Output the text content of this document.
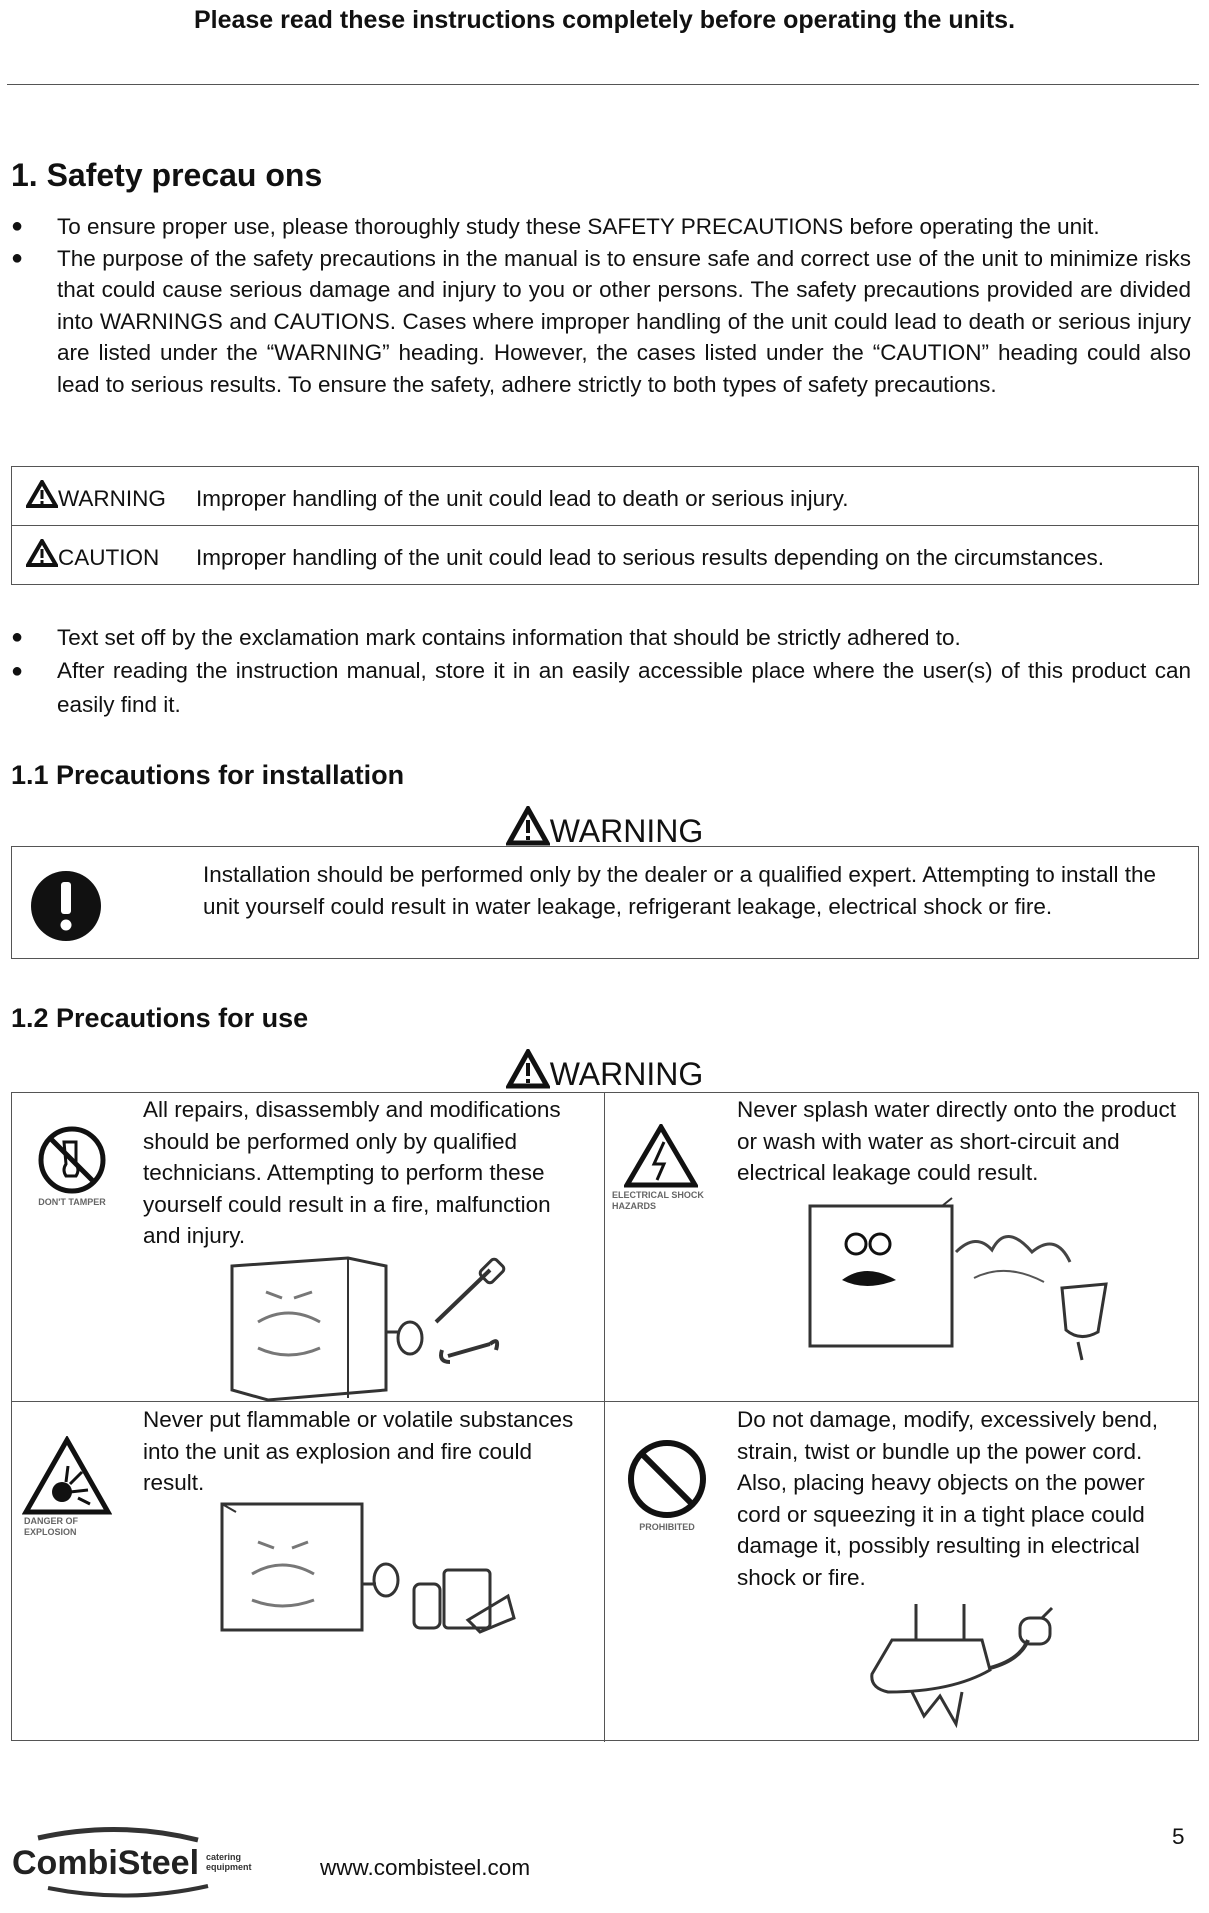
Please read these instructions completely before operating the units.
1. Safety precau ons
● To ensure proper use, please thoroughly study these SAFETY PRECAUTIONS before operating the unit.
● The purpose of the safety precautions in the manual is to ensure safe and correct use of the unit to minimize risks that could cause serious damage and injury to you or other persons. The safety precautions provided are divided into WARNINGS and CAUTIONS. Cases where improper handling of the unit could lead to death or serious injury are listed under the “WARNING” heading. However, the cases listed under the “CAUTION” heading could also lead to serious results. To ensure the safety, adhere strictly to both types of safety precautions.
WARNING Improper handling of the unit could lead to death or serious injury.
CAUTION Improper handling of the unit could lead to serious results depending on the circumstances.
● Text set off by the exclamation mark contains information that should be strictly adhered to.
● After reading the instruction manual, store it in an easily accessible place where the user(s) of this product can easily find it.
1.1 Precautions for installation
WARNING
Installation should be performed only by the dealer or a qualified expert. Attempting to install the unit yourself could result in water leakage, refrigerant leakage, electrical shock or fire.
1.2 Precautions for use
WARNING
DON'T TAMPER
All repairs, disassembly and modifications should be performed only by qualified technicians. Attempting to perform these yourself could result in a fire, malfunction and injury.
ELECTRICAL SHOCK HAZARDS
Never splash water directly onto the product or wash with water as short-circuit and electrical leakage could result.
DANGER OF EXPLOSION
Never put flammable or volatile substances into the unit as explosion and fire could result.
PROHIBITED
Do not damage, modify, excessively bend, strain, twist or bundle up the power cord. Also, placing heavy objects on the power cord or squeezing it in a tight place could damage it, possibly resulting in electrical shock or fire.
CombiSteel catering equipment	www.combisteel.com
5
